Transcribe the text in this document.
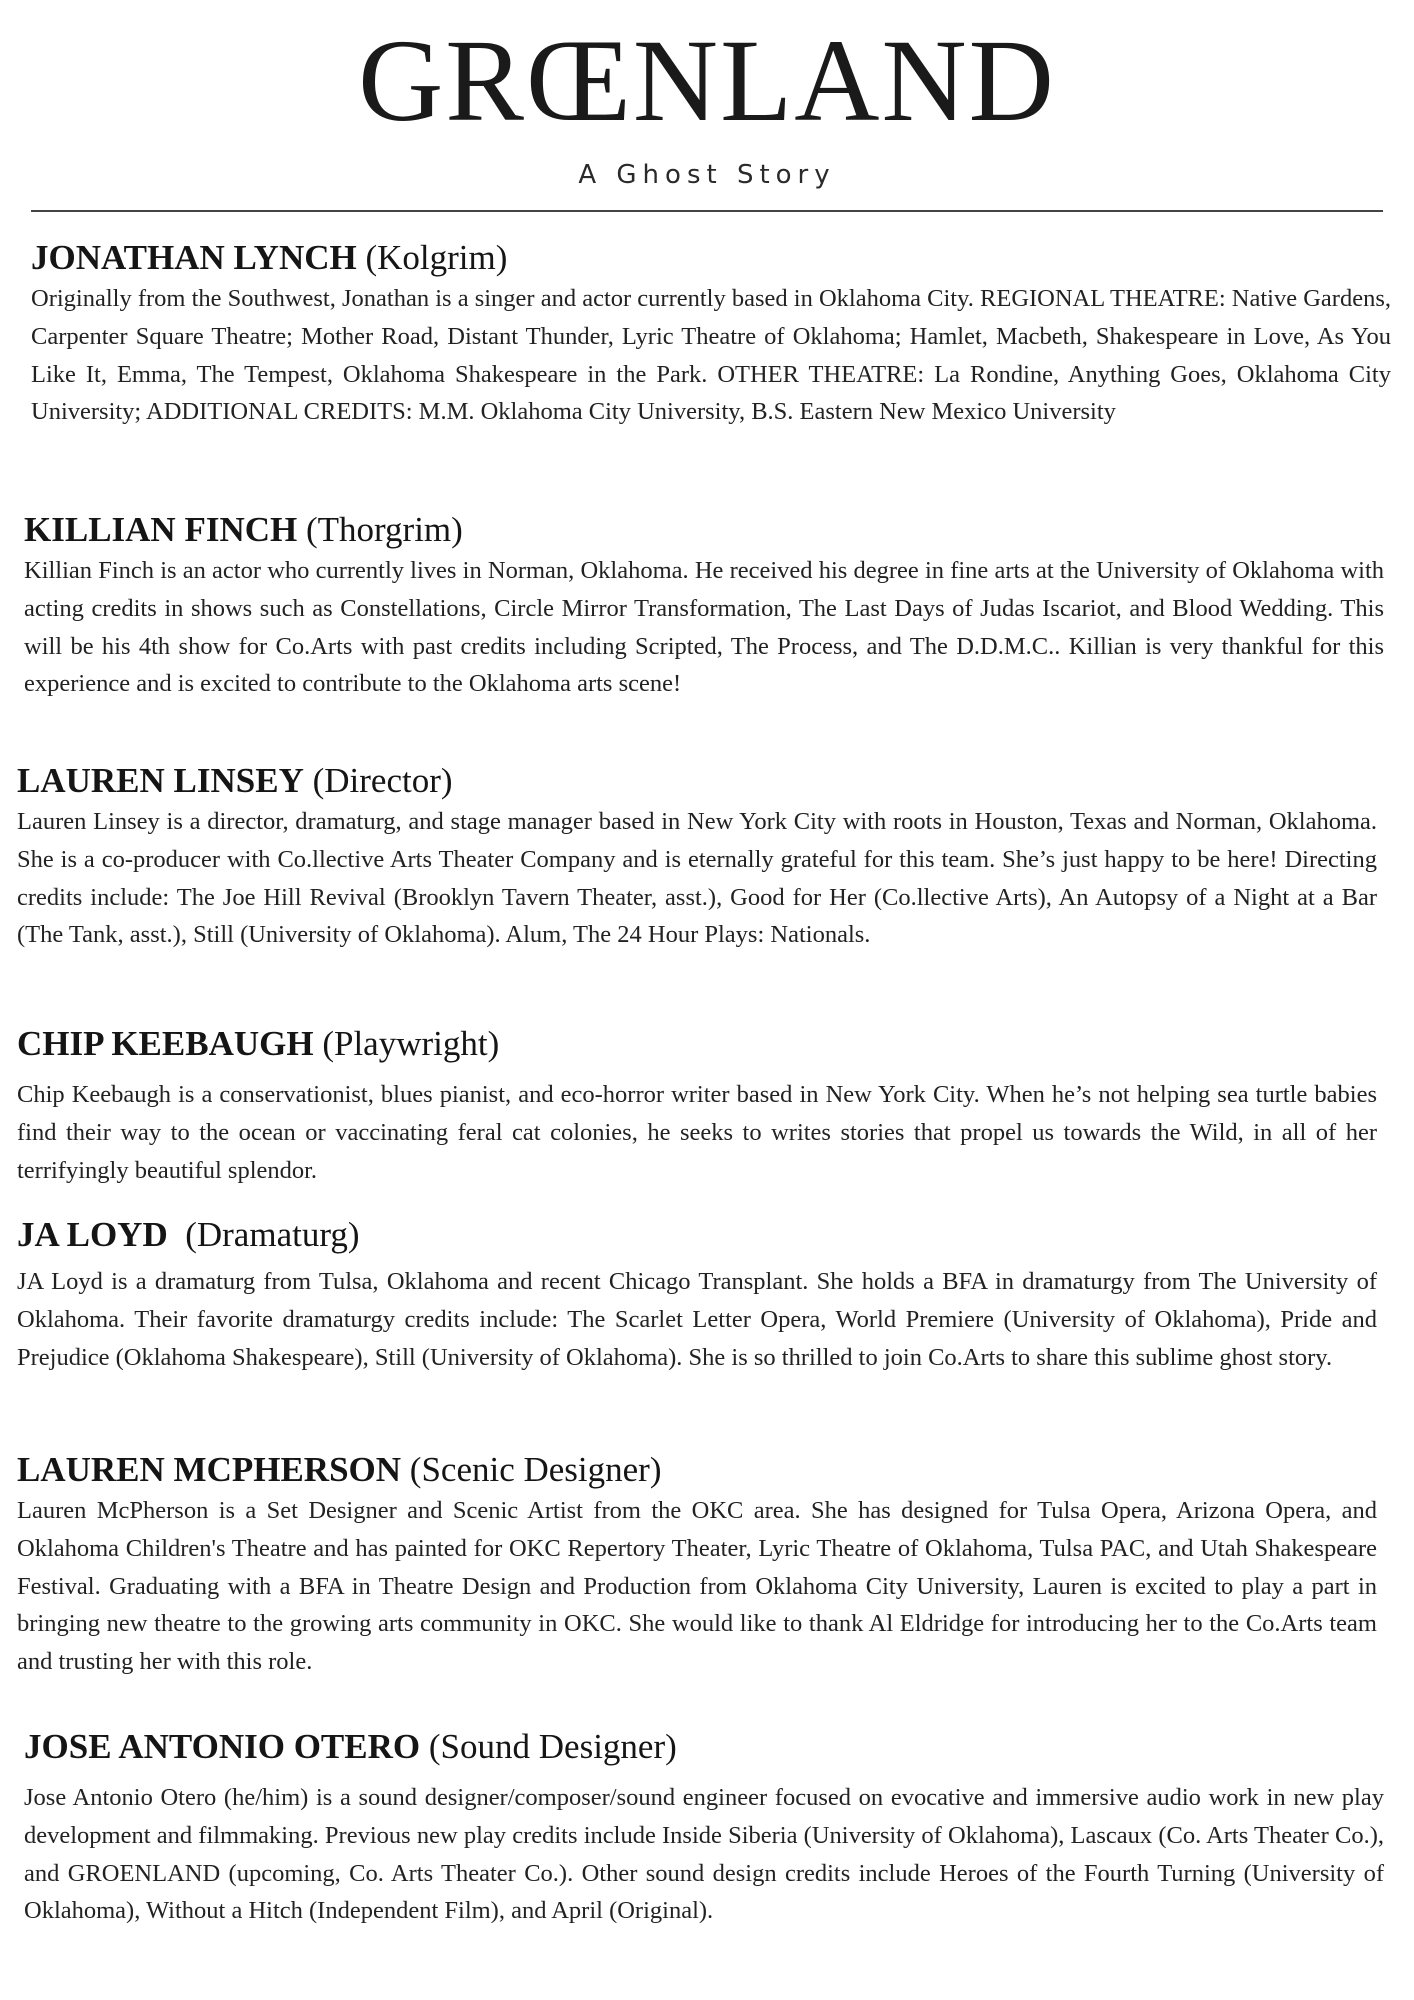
GRŒNLAND
A Ghost Story
JONATHAN LYNCH (Kolgrim)

Originally from the Southwest, Jonathan is a singer and actor currently based in Oklahoma City. REGIONAL THEATRE: Native Gardens, Carpenter Square Theatre; Mother Road, Distant Thunder, Lyric Theatre of Oklahoma; Hamlet, Macbeth, Shakespeare in Love, As You Like It, Emma, The Tempest, Oklahoma Shakespeare in the Park. OTHER THEATRE: La Rondine, Anything Goes, Oklahoma City University; ADDITIONAL CREDITS: M.M. Oklahoma City University, B.S. Eastern New Mexico University

KILLIAN FINCH (Thorgrim)

Killian Finch is an actor who currently lives in Norman, Oklahoma. He received his degree in fine arts at the University of Oklahoma with acting credits in shows such as Constellations, Circle Mirror Transformation, The Last Days of Judas Iscariot, and Blood Wedding. This will be his 4th show for Co.Arts with past credits including Scripted, The Process, and The D.D.M.C.. Killian is very thankful for this experience and is excited to contribute to the Oklahoma arts scene!

LAUREN LINSEY (Director)

Lauren Linsey is a director, dramaturg, and stage manager based in New York City with roots in Houston, Texas and Norman, Oklahoma. She is a co-producer with Co.llective Arts Theater Company and is eternally grateful for this team. She’s just happy to be here! Directing credits include: The Joe Hill Revival (Brooklyn Tavern Theater, asst.), Good for Her (Co.llective Arts), An Autopsy of a Night at a Bar (The Tank, asst.), Still (University of Oklahoma). Alum, The 24 Hour Plays: Nationals.

CHIP KEEBAUGH (Playwright)

Chip Keebaugh is a conservationist, blues pianist, and eco-horror writer based in New York City. When he’s not helping sea turtle babies find their way to the ocean or vaccinating feral cat colonies, he seeks to writes stories that propel us towards the Wild, in all of her terrifyingly beautiful splendor.

JA LOYD  (Dramaturg)

JA Loyd is a dramaturg from Tulsa, Oklahoma and recent Chicago Transplant. She holds a BFA in dramaturgy from The University of Oklahoma. Their favorite dramaturgy credits include: The Scarlet Letter Opera, World Premiere (University of Oklahoma), Pride and Prejudice (Oklahoma Shakespeare), Still (University of Oklahoma). She is so thrilled to join Co.Arts to share this sublime ghost story.

LAUREN MCPHERSON (Scenic Designer)

Lauren McPherson is a Set Designer and Scenic Artist from the OKC area. She has designed for Tulsa Opera, Arizona Opera, and Oklahoma Children's Theatre and has painted for OKC Repertory Theater, Lyric Theatre of Oklahoma, Tulsa PAC, and Utah Shakespeare Festival. Graduating with a BFA in Theatre Design and Production from Oklahoma City University, Lauren is excited to play a part in bringing new theatre to the growing arts community in OKC. She would like to thank Al Eldridge for introducing her to the Co.Arts team and trusting her with this role.

JOSE ANTONIO OTERO (Sound Designer)

Jose Antonio Otero (he/him) is a sound designer/composer/sound engineer focused on evocative and immersive audio work in new play development and filmmaking. Previous new play credits include Inside Siberia (University of Oklahoma), Lascaux (Co. Arts Theater Co.), and GROENLAND (upcoming, Co. Arts Theater Co.). Other sound design credits include Heroes of the Fourth Turning (University of Oklahoma), Without a Hitch (Independent Film), and April (Original).
